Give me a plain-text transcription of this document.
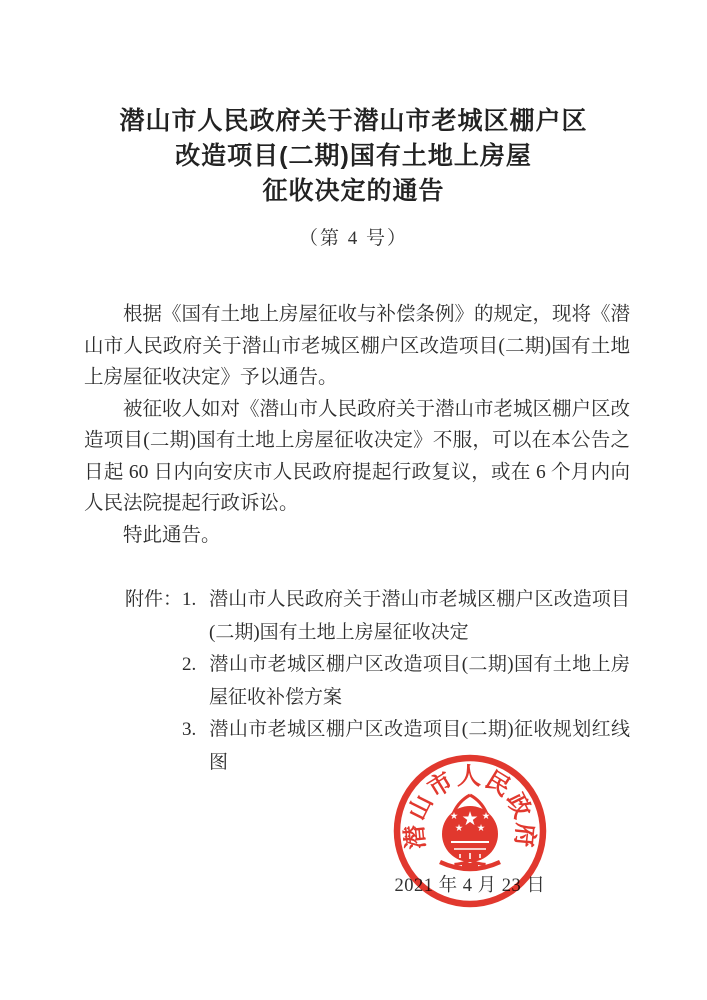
潜山市人民政府关于潜山市老城区棚户区
改造项目(二期)国有土地上房屋
征收决定的通告
（第 4 号）

根据《国有土地上房屋征收与补偿条例》的规定，现将《潜山市人民政府关于潜山市老城区棚户区改造项目(二期)国有土地上房屋征收决定》予以通告。

被征收人如对《潜山市人民政府关于潜山市老城区棚户区改造项目(二期)国有土地上房屋征收决定》不服，可以在本公告之日起 60 日内向安庆市人民政府提起行政复议，或在 6 个月内向人民法院提起行政诉讼。

特此通告。

附件： 1. 潜山市人民政府关于潜山市老城区棚户区改造项目(二期)国有土地上房屋征收决定
2. 潜山市老城区棚户区改造项目(二期)国有土地上房屋征收补偿方案
3. 潜山市老城区棚户区改造项目(二期)征收规划红线图
2021 年 4 月 23 日
潜山市人民政府
★
★ ★
★ ★
